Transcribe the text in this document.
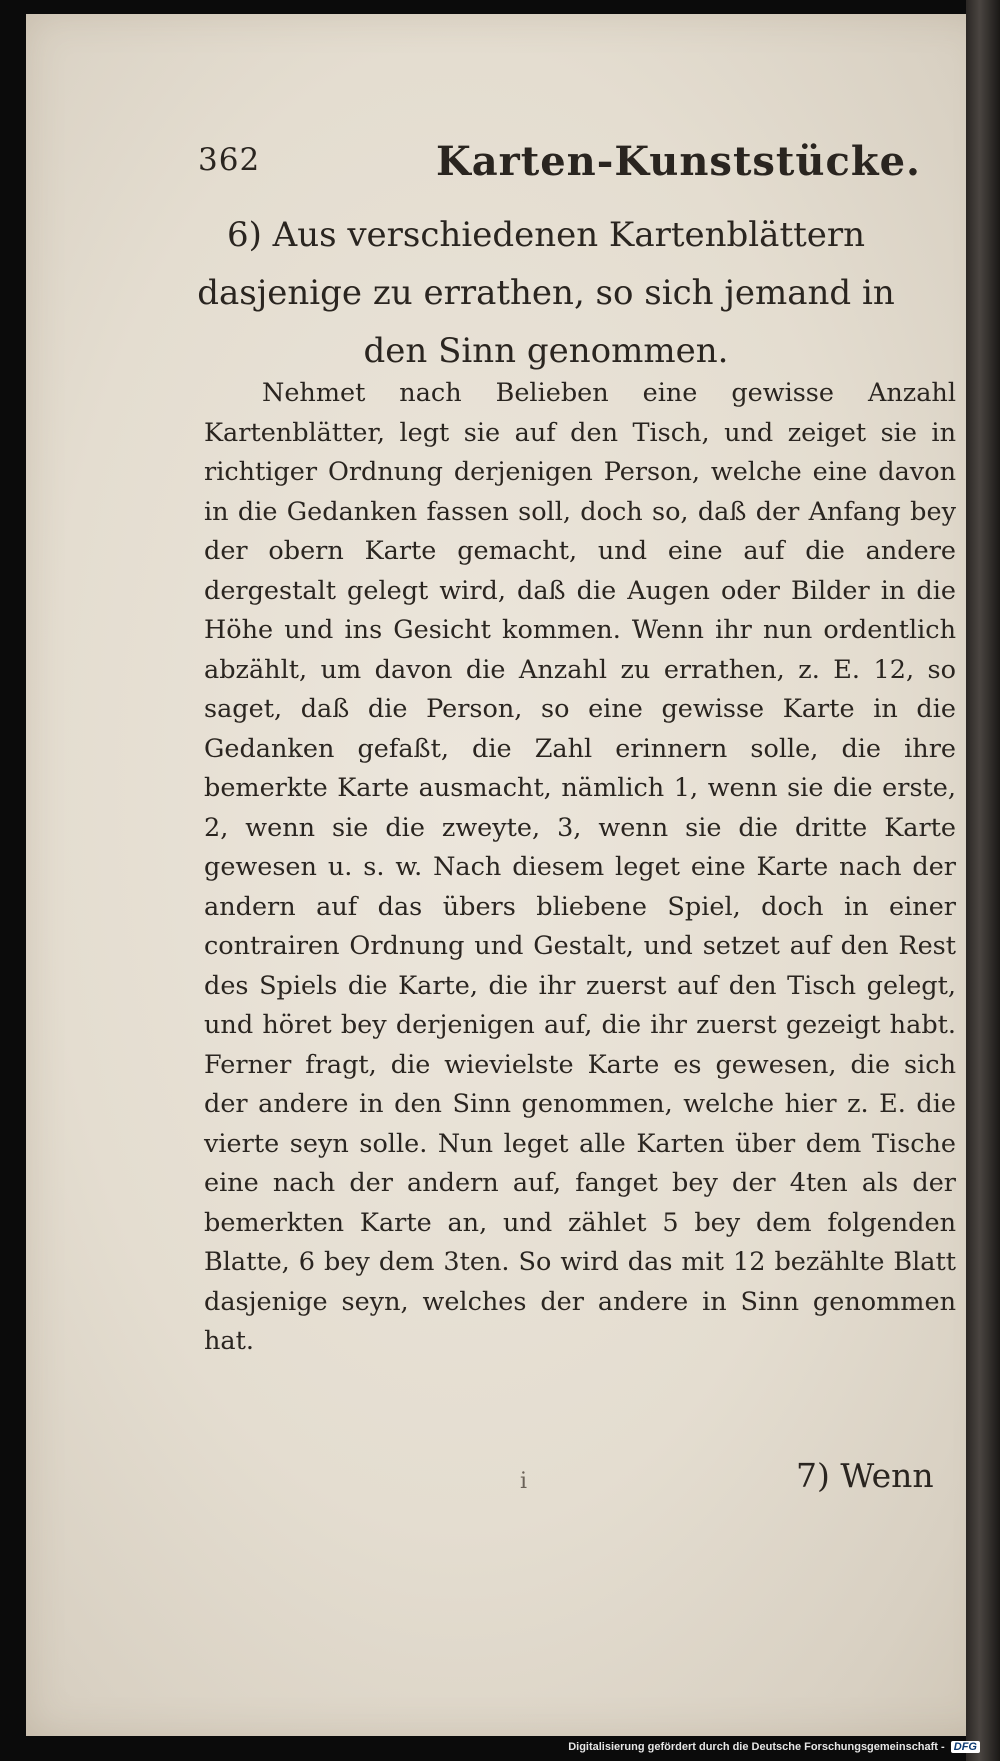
362	Karten-Kunststücke.
6) Aus verschiedenen Kartenblättern dasjenige zu errathen, so sich jemand in den Sinn genommen.

Nehmet nach Belieben eine gewisse Anzahl Kartenblätter, legt sie auf den Tisch, und zeiget sie in richtiger Ordnung derjenigen Person, welche eine davon in die Gedanken fassen soll, doch so, daß der Anfang bey der obern Karte gemacht, und eine auf die andere dergestalt gelegt wird, daß die Augen oder Bilder in die Höhe und ins Gesicht kommen. Wenn ihr nun ordentlich abzählt, um davon die Anzahl zu errathen, z. E. 12, so saget, daß die Person, so eine gewisse Karte in die Gedanken gefaßt, die Zahl erinnern solle, die ihre bemerkte Karte ausmacht, nämlich 1, wenn sie die erste, 2, wenn sie die zweyte, 3, wenn sie die dritte Karte gewesen u. s. w. Nach diesem leget eine Karte nach der andern auf das übers bliebene Spiel, doch in einer contrairen Ordnung und Gestalt, und setzet auf den Rest des Spiels die Karte, die ihr zuerst auf den Tisch gelegt, und höret bey derjenigen auf, die ihr zuerst gezeigt habt. Ferner fragt, die wievielste Karte es gewesen, die sich der andere in den Sinn genommen, welche hier z. E. die vierte seyn solle. Nun leget alle Karten über dem Tische eine nach der andern auf, fanget bey der 4ten als der bemerkten Karte an, und zählet 5 bey dem folgenden Blatte, 6 bey dem 3ten. So wird das mit 12 bezählte Blatt dasjenige seyn, welches der andere in Sinn genommen hat.

i	7) Wenn
Digitalisierung gefördert durch die Deutsche Forschungsgemeinschaft - DFG
